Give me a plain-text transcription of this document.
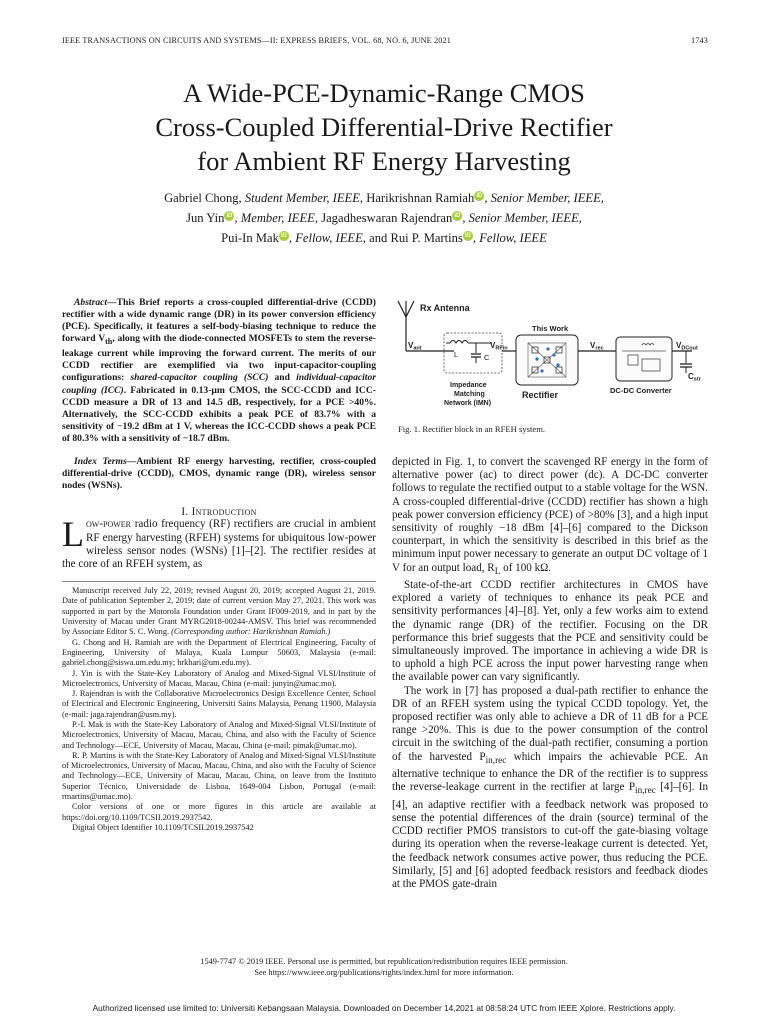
IEEE TRANSACTIONS ON CIRCUITS AND SYSTEMS—II: EXPRESS BRIEFS, VOL. 68, NO. 6, JUNE 2021	1743
A Wide-PCE-Dynamic-Range CMOS
Cross-Coupled Differential-Drive Rectifier
for Ambient RF Energy Harvesting
Gabriel Chong, Student Member, IEEE, Harikrishnan Ramiah iD , Senior Member, IEEE,
Jun Yin iD , Member, IEEE, Jagadheswaran Rajendran iD , Senior Member, IEEE,
Pui-In Mak iD , Fellow, IEEE, and Rui P. Martins iD , Fellow, IEEE

Abstract—This Brief reports a cross-coupled differential-drive (CCDD) rectifier with a wide dynamic range (DR) in its power conversion efficiency (PCE). Specifically, it features a self-body-biasing technique to reduce the forward $V_{th}$, along with the diode-connected MOSFETs to stem the reverse-leakage current while improving the forward current. The merits of our CCDD rectifier are exemplified via two input-capacitor-coupling configurations: shared-capacitor coupling (SCC) and individual-capacitor coupling (ICC). Fabricated in 0.13-μm CMOS, the SCC-CCDD and ICC-CCDD measure a DR of 13 and 14.5 dB, respectively, for a PCE >40%. Alternatively, the SCC-CCDD exhibits a peak PCE of 83.7% with a sensitivity of −19.2 dBm at 1 V, whereas the ICC-CCDD shows a peak PCE of 80.3% with a sensitivity of −18.7 dBm.

Index Terms—Ambient RF energy harvesting, rectifier, cross-coupled differential-drive (CCDD), CMOS, dynamic range (DR), wireless sensor nodes (WSNs).
I. Introduction

Low-power radio frequency (RF) rectifiers are crucial in ambient RF energy harvesting (RFEH) systems for ubiquitous low-power wireless sensor nodes (WSNs) [1]–[2]. The rectifier resides at the core of an RFEH system, as

Manuscript received July 22, 2019; revised August 20, 2019; accepted August 21, 2019. Date of publication September 2, 2019; date of current version May 27, 2021. This work was supported in part by the Motorola Foundation under Grant IF009-2019, and in part by the University of Macau under Grant MYRG2018-00244-AMSV. This brief was recommended by Associate Editor S. C. Wong. (Corresponding author: Harikrishnan Ramiah.)

G. Chong and H. Ramiah are with the Department of Electrical Engineering, Faculty of Engineering, University of Malaya, Kuala Lumpur 50603, Malaysia (e-mail: gabriel.chong@siswa.um.edu.my; hrkhari@um.edu.my).

J. Yin is with the State-Key Laboratory of Analog and Mixed-Signal VLSI/Institute of Microelectronics, University of Macau, Macau, China (e-mail: junyin@umac.mo).

J. Rajendran is with the Collaborative Microelectronics Design Excellence Center, School of Electrical and Electronic Engineering, Universiti Sains Malaysia, Penang 11900, Malaysia (e-mail: jaga.rajendran@usm.my).

P.-I. Mak is with the State-Key Laboratory of Analog and Mixed-Signal VLSI/Institute of Microelectronics, University of Macau, Macau, China, and also with the Faculty of Science and Technology—ECE, University of Macau, Macau, China (e-mail: pimak@umac.mo).

R. P. Martins is with the State-Key Laboratory of Analog and Mixed-Signal VLSI/Institute of Microelectronics, University of Macau, Macau, China, and also with the Faculty of Science and Technology—ECE, University of Macau, Macau, China, on leave from the Instituto Superior Técnico, Universidade de Lisboa, 1649-004 Lisbon, Portugal (e-mail: rmartins@umac.mo).

Color versions of one or more figures in this article are available at https://doi.org/10.1109/TCSII.2019.2937542.

Digital Object Identifier 10.1109/TCSII.2019.2937542

Rx Antenna
Vant
L	C
Impedance
Matching
Network (IMN)
VRFin
This Work
Rectifier
Vrec
DC-DC Converter
VDCout
Cstr
Fig. 1. Rectifier block in an RFEH system.

depicted in Fig. 1, to convert the scavenged RF energy in the form of alternative power (ac) to direct power (dc). A DC-DC converter follows to regulate the rectified output to a stable voltage for the WSN. A cross-coupled differential-drive (CCDD) rectifier has shown a high peak power conversion efficiency (PCE) of >80% [3], and a high input sensitivity of roughly −18 dBm [4]–[6] compared to the Dickson counterpart, in which the sensitivity is described in this brief as the minimum input power necessary to generate an output DC voltage of 1 V for an output load, $R_L$ of 100 kΩ.

State-of-the-art CCDD rectifier architectures in CMOS have explored a variety of techniques to enhance its peak PCE and sensitivity performances [4]–[8]. Yet, only a few works aim to extend the dynamic range (DR) of the rectifier. Focusing on the DR performance this brief suggests that the PCE and sensitivity could be simultaneously improved. The importance in achieving a wide DR is to uphold a high PCE across the input power harvesting range when the available power can vary significantly.

The work in [7] has proposed a dual-path rectifier to enhance the DR of an RFEH system using the typical CCDD topology. Yet, the proposed rectifier was only able to achieve a DR of 11 dB for a PCE range >20%. This is due to the power consumption of the control circuit in the switching of the dual-path rectifier, consuming a portion of the harvested $P_{in,rec}$ which impairs the achievable PCE. An alternative technique to enhance the DR of the rectifier is to suppress the reverse-leakage current in the rectifier at large $P_{in,rec}$ [4]–[6]. In [4], an adaptive rectifier with a feedback network was proposed to sense the potential differences of the drain (source) terminal of the CCDD rectifier PMOS transistors to cut-off the gate-biasing voltage during its operation when the reverse-leakage current is detected. Yet, the feedback network consumes active power, thus reducing the PCE. Similarly, [5] and [6] adopted feedback resistors and feedback diodes at the PMOS gate-drain

1549-7747 © 2019 IEEE. Personal use is permitted, but republication/redistribution requires IEEE permission.
See https://www.ieee.org/publications/rights/index.html for more information.
Authorized licensed use limited to: Universiti Kebangsaan Malaysia. Downloaded on December 14,2021 at 08:58:24 UTC from IEEE Xplore. Restrictions apply.
